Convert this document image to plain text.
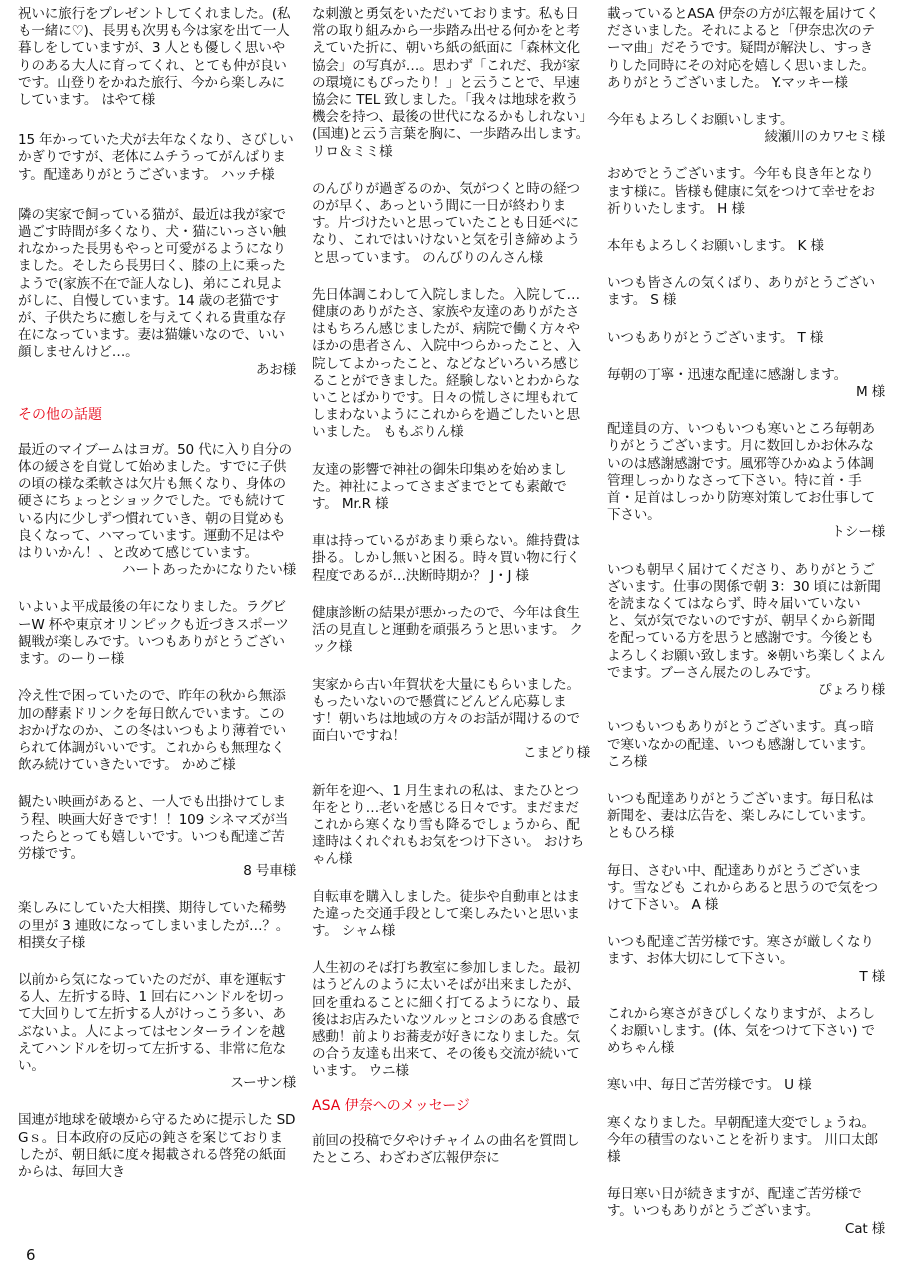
祝いに旅行をプレゼントしてくれました。(私も一緒に♡)、長男も次男も今は家を出て一人暮しをしていますが、3 人とも優しく思いやりのある大人に育ってくれ、とても仲が良いです。山登りをかねた旅行、今から楽しみにしています。 はやて様

15 年かっていた犬が去年なくなり、さびしいかぎりですが、老体にムチうってがんばります。配達ありがとうございます。 ハッチ様

隣の実家で飼っている猫が、最近は我が家で過ごす時間が多くなり、犬・猫にいっさい触れなかった長男もやっと可愛がるようになりました。そしたら長男曰く、膝の上に乗ったようで(家族不在で証人なし)、弟にこれ見よがしに、自慢しています。14 歳の老猫ですが、子供たちに癒しを与えてくれる貴重な存在になっています。妻は猫嫌いなので、いい顔しませんけど…。

あお様

その他の話題

最近のマイブームはヨガ。50 代に入り自分の体の緩さを自覚して始めました。すでに子供の頃の様な柔軟さは欠片も無くなり、身体の硬さにちょっとショックでした。でも続けている内に少しずつ慣れていき、朝の目覚めも良くなって、ハマっています。運動不足はやはりいかん！、と改めて感じています。

ハートあったかになりたい様

いよいよ平成最後の年になりました。ラグビーW 杯や東京オリンピックも近づきスポーツ観戦が楽しみです。いつもありがとうございます。のーりー様

冷え性で困っていたので、昨年の秋から無添加の酵素ドリンクを毎日飲んでいます。このおかげなのか、この冬はいつもより薄着でいられて体調がいいです。これからも無理なく飲み続けていきたいです。 かめご様

観たい映画があると、一人でも出掛けてしまう程、映画大好きです！！109 シネマズが当ったらとっても嬉しいです。いつも配達ご苦労様です。

8 号車様

楽しみにしていた大相撲、期待していた稀勢の里が 3 連敗になってしまいましたが…？。 相撲女子様

以前から気になっていたのだが、車を運転する人、左折する時、1 回右にハンドルを切って大回りして左折する人がけっこう多い、あぶないよ。人によってはセンターラインを越えてハンドルを切って左折する、非常に危ない。

スーサン様

国連が地球を破壊から守るために提示した SDGｓ。日本政府の反応の鈍さを案じておりましたが、朝日紙に度々掲載される啓発の紙面からは、毎回大き

な刺激と勇気をいただいております。私も日常の取り組みから一歩踏み出せる何かをと考えていた折に、朝いち紙の紙面に「森林文化協会」の写真が…。思わず「これだ、我が家の環境にもぴったり！」と云うことで、早速協会に TEL 致しました。「我々は地球を救う機会を持つ、最後の世代になるかもしれない」(国連)と云う言葉を胸に、一歩踏み出します。 リロ＆ミミ様

のんびりが過ぎるのか、気がつくと時の経つのが早く、あっという間に一日が終わります。片づけたいと思っていたことも日延べになり、これではいけないと気を引き締めようと思っています。 のんびりのんさん様

先日体調こわして入院しました。入院して…健康のありがたさ、家族や友達のありがたさはもちろん感じましたが、病院で働く方々やほかの患者さん、入院中つらかったこと、入院してよかったこと、などなどいろいろ感じることができました。経験しないとわからないことばかりです。日々の慌しさに埋もれてしまわないようにこれからを過ごしたいと思いました。 ももぷりん様

友達の影響で神社の御朱印集めを始めました。神社によってさまざまでとても素敵です。 Mr.R 様

車は持っているがあまり乗らない。維持費は掛る。しかし無いと困る。時々買い物に行く程度であるが…決断時期か？ J・J 様

健康診断の結果が悪かったので、今年は食生活の見直しと運動を頑張ろうと思います。 クック様

実家から古い年賀状を大量にもらいました。もったいないので懸賞にどんどん応募します！朝いちは地域の方々のお話が聞けるので面白いですね！

こまどり様

新年を迎へ、1 月生まれの私は、またひとつ年をとり…老いを感じる日々です。まだまだこれから寒くなり雪も降るでしょうから、配達時はくれぐれもお気をつけ下さい。 おけちゃん様

自転車を購入しました。徒歩や自動車とはまた違った交通手段として楽しみたいと思います。 シャム様

人生初のそば打ち教室に参加しました。最初はうどんのように太いそばが出来ましたが、回を重ねることに細く打てるようになり、最後はお店みたいなツルッとコシのある食感で感動！前よりお蕎麦が好きになりました。気の合う友達も出来て、その後も交流が続いています。 ウニ様

ASA 伊奈へのメッセージ

前回の投稿で夕やけチャイムの曲名を質問したところ、わざわざ広報伊奈に

載っているとASA 伊奈の方が広報を届けてくださいました。それによると「伊奈忠次のテーマ曲」だそうです。疑問が解決し、すっきりした同時にその対応を嬉しく思いました。ありがとうございました。 Y.マッキー様

今年もよろしくお願いします。

綾瀬川のカワセミ様

おめでとうございます。今年も良き年となります様に。皆様も健康に気をつけて幸せをお祈りいたします。 H 様

本年もよろしくお願いします。 K 様

いつも皆さんの気くばり、ありがとうございます。 S 様

いつもありがとうございます。 T 様

毎朝の丁寧・迅速な配達に感謝します。

M 様

配達員の方、いつもいつも寒いところ毎朝ありがとうございます。月に数回しかお休みないのは感謝感謝です。風邪等ひかぬよう体調管理しっかりなさって下さい。特に首・手首・足首はしっかり防寒対策してお仕事して下さい。

トシー様

いつも朝早く届けてくださり、ありがとうございます。仕事の関係で朝 3：30 頃には新聞を読まなくてはならず、時々届いていないと、気が気でないのですが、朝早くから新聞を配っている方を思うと感謝です。今後ともよろしくお願い致します。※朝いち楽しくよんでます。ブーさん展たのしみです。

ぴょろり様

いつもいつもありがとうございます。真っ暗で寒いなかの配達、いつも感謝しています。 ころ様

いつも配達ありがとうございます。毎日私は新聞を、妻は広告を、楽しみにしています。 ともひろ様

毎日、さむい中、配達ありがとうございます。雪なども これからあると思うので気をつけて下さい。 A 様

いつも配達ご苦労様です。寒さが厳しくなります、お体大切にして下さい。

T 様

これから寒さがきびしくなりますが、よろしくお願いします。(体、気をつけて下さい) でめちゃん様

寒い中、毎日ご苦労様です。 U 様

寒くなりました。早朝配達大変でしょうね。今年の積雪のないことを祈ります。 川口太郎様

毎日寒い日が続きますが、配達ご苦労様です。いつもありがとうございます。

Cat 様

6
